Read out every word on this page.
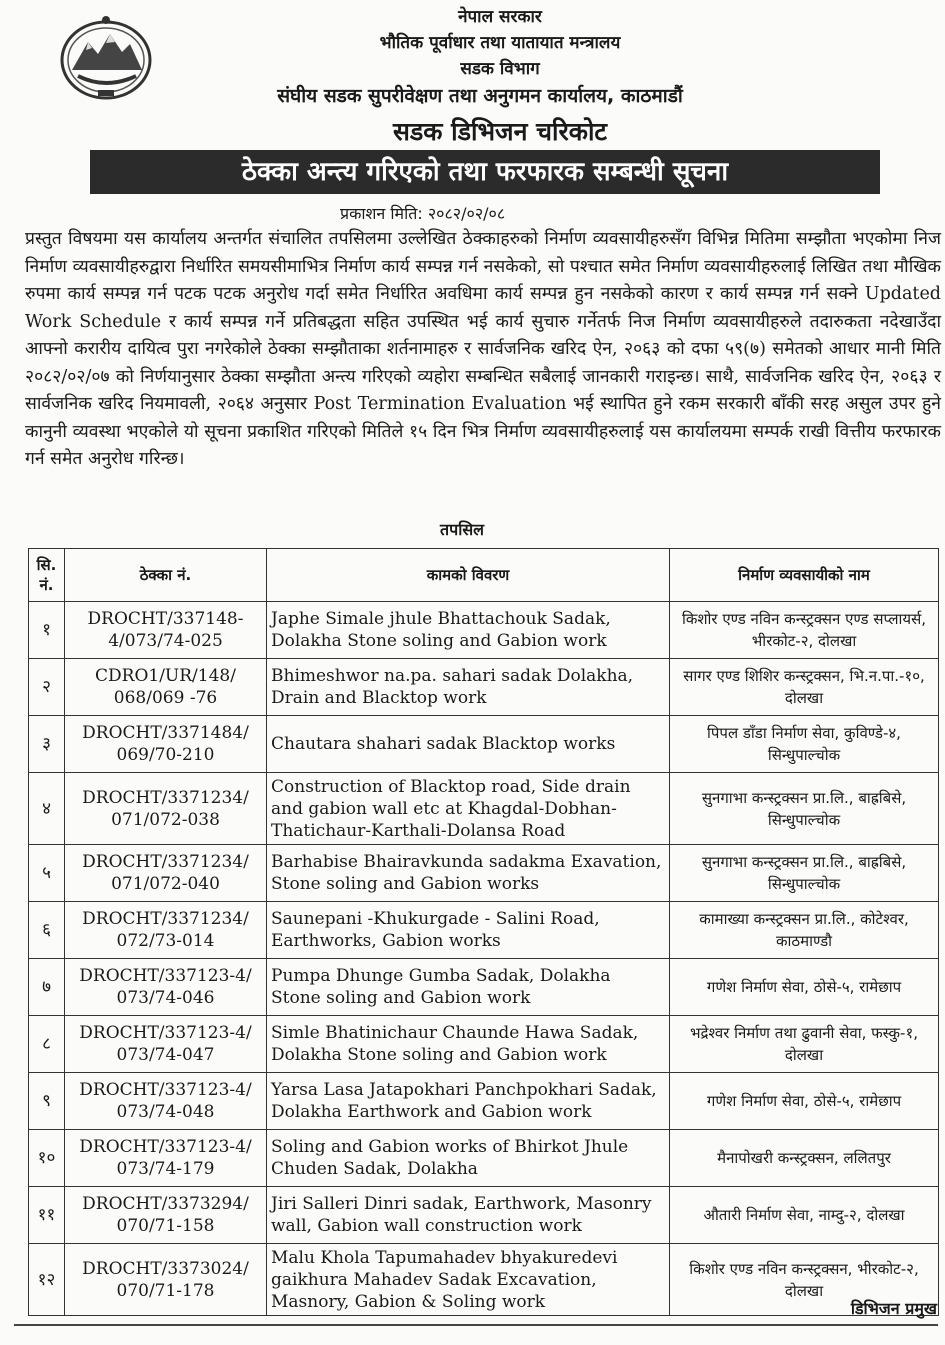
नेपाल सरकार
भौतिक पूर्वाधार तथा यातायात मन्त्रालय
सडक विभाग
संघीय सडक सुपरीवेक्षण तथा अनुगमन कार्यालय, काठमाडौं
सडक डिभिजन चरिकोट
ठेक्का अन्त्य गरिएको तथा फरफारक सम्बन्धी सूचना
प्रकाशन मिति: २०८२/०२/०८
प्रस्तुत विषयमा यस कार्यालय अन्तर्गत संचालित तपसिलमा उल्लेखित ठेक्काहरुको निर्माण व्यवसायीहरुसँग विभिन्न मितिमा सम्झौता भएकोमा निज निर्माण व्यवसायीहरुद्वारा निर्धारित समयसीमाभित्र निर्माण कार्य सम्पन्न गर्न नसकेको, सो पश्चात समेत निर्माण व्यवसायीहरुलाई लिखित तथा मौखिक रुपमा कार्य सम्पन्न गर्न पटक पटक अनुरोध गर्दा समेत निर्धारित अवधिमा कार्य सम्पन्न हुन नसकेको कारण र कार्य सम्पन्न गर्न सक्ने Updated Work Schedule र कार्य सम्पन्न गर्ने प्रतिबद्धता सहित उपस्थित भई कार्य सुचारु गर्नेतर्फ निज निर्माण व्यवसायीहरुले तदारुकता नदेखाउँदा आफ्नो करारीय दायित्व पुरा नगरेकोले ठेक्का सम्झौताका शर्तनामाहरु र सार्वजनिक खरिद ऐन, २०६३ को दफा ५९(७) समेतको आधार मानी मिति २०८२/०२/०७ को निर्णयानुसार ठेक्का सम्झौता अन्त्य गरिएको व्यहोरा सम्बन्धित सबैलाई जानकारी गराइन्छ। साथै, सार्वजनिक खरिद ऐन, २०६३ र सार्वजनिक खरिद नियमावली, २०६४ अनुसार Post Termination Evaluation भई स्थापित हुने रकम सरकारी बाँकी सरह असुल उपर हुने कानुनी व्यवस्था भएकोले यो सूचना प्रकाशित गरिएको मितिले १५ दिन भित्र निर्माण व्यवसायीहरुलाई यस कार्यालयमा सम्पर्क राखी वित्तीय फरफारक गर्न समेत अनुरोध गरिन्छ।
तपसिल
सि. नं.	ठेक्का नं.	कामको विवरण	निर्माण व्यवसायीको नाम
१	DROCHT/337148-4/073/74-025	Japhe Simale jhule Bhattachouk Sadak, Dolakha Stone soling and Gabion work	किशोर एण्ड नविन कन्स्ट्रक्सन एण्ड सप्लायर्स, भीरकोट-२, दोलखा
२	CDRO1/UR/148/ 068/069 -76	Bhimeshwor na.pa. sahari sadak Dolakha, Drain and Blacktop work	सागर एण्ड शिशिर कन्स्ट्रक्सन, भि.न.पा.-१०, दोलखा
३	DROCHT/3371484/ 069/70-210	Chautara shahari sadak Blacktop works	पिपल डाँडा निर्माण सेवा, कुविण्डे-४, सिन्धुपाल्चोक
४	DROCHT/3371234/ 071/072-038	Construction of Blacktop road, Side drain and gabion wall etc at Khagdal-Dobhan-Thatichaur-Karthali-Dolansa Road	सुनगाभा कन्स्ट्रक्सन प्रा.लि., बाह्रबिसे, सिन्धुपाल्चोक
५	DROCHT/3371234/ 071/072-040	Barhabise Bhairavkunda sadakma Exavation, Stone soling and Gabion works	सुनगाभा कन्स्ट्रक्सन प्रा.लि., बाह्रबिसे, सिन्धुपाल्चोक
६	DROCHT/3371234/ 072/73-014	Saunepani -Khukurgade - Salini Road, Earthworks, Gabion works	कामाख्या कन्स्ट्रक्सन प्रा.लि., कोटेश्वर, काठमाण्डौ
७	DROCHT/337123-4/ 073/74-046	Pumpa Dhunge Gumba Sadak, Dolakha Stone soling and Gabion work	गणेश निर्माण सेवा, ठोसे-५, रामेछाप
८	DROCHT/337123-4/ 073/74-047	Simle Bhatinichaur Chaunde Hawa Sadak, Dolakha Stone soling and Gabion work	भद्रेश्वर निर्माण तथा ढुवानी सेवा, फस्कु-१, दोलखा
९	DROCHT/337123-4/ 073/74-048	Yarsa Lasa Jatapokhari Panchpokhari Sadak, Dolakha Earthwork and Gabion work	गणेश निर्माण सेवा, ठोसे-५, रामेछाप
१०	DROCHT/337123-4/ 073/74-179	Soling and Gabion works of Bhirkot Jhule Chuden Sadak, Dolakha	मैनापोखरी कन्स्ट्रक्सन, ललितपुर
११	DROCHT/3373294/ 070/71-158	Jiri Salleri Dinri sadak, Earthwork, Masonry wall, Gabion wall construction work	औतारी निर्माण सेवा, नाम्दु-२, दोलखा
१२	DROCHT/3373024/ 070/71-178	Malu Khola Tapumahadev bhyakuredevi gaikhura Mahadev Sadak Excavation, Masnory, Gabion & Soling work	किशोर एण्ड नविन कन्स्ट्रक्सन, भीरकोट-२, दोलखा
डिभिजन प्रमुख
